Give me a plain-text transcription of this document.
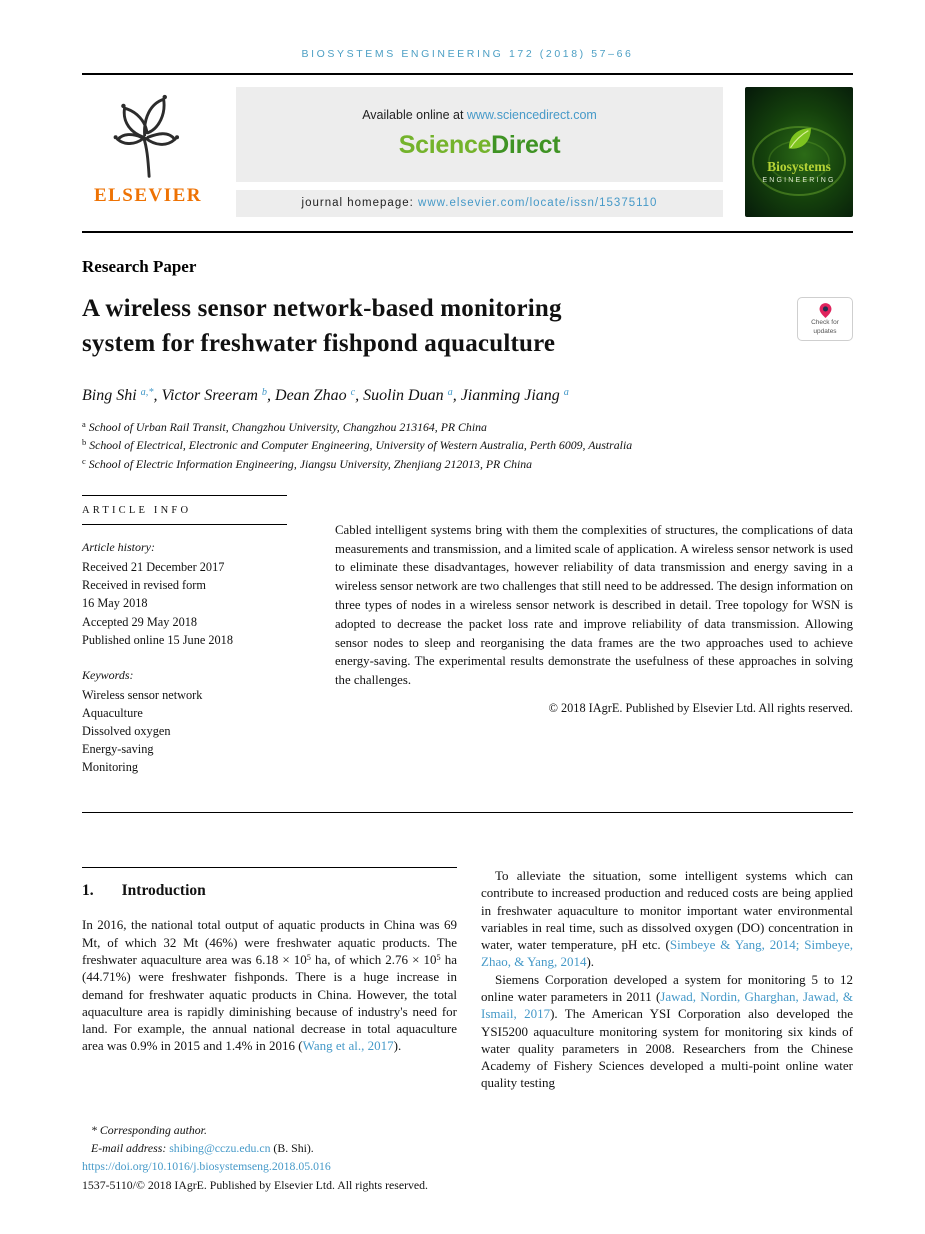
BIOSYSTEMS ENGINEERING 172 (2018) 57–66
ELSEVIER
Available online at www.sciencedirect.com
ScienceDirect
journal homepage: www.elsevier.com/locate/issn/15375110
Biosystems
ENGINEERING
Research Paper
A wireless sensor network-based monitoring
system for freshwater fishpond aquaculture
Check for
updates
Bing Shi $^{a,*}$, Victor Sreeram $^b$, Dean Zhao $^c$, Suolin Duan $^a$, Jianming Jiang $^a$
$^a$ School of Urban Rail Transit, Changzhou University, Changzhou 213164, PR China
$^b$ School of Electrical, Electronic and Computer Engineering, University of Western Australia, Perth 6009, Australia
$^c$ School of Electric Information Engineering, Jiangsu University, Zhenjiang 212013, PR China
ARTICLE INFO
Article history:
Received 21 December 2017
Received in revised form
16 May 2018
Accepted 29 May 2018
Published online 15 June 2018
Keywords:
Wireless sensor network
Aquaculture
Dissolved oxygen
Energy-saving
Monitoring

Cabled intelligent systems bring with them the complexities of structures, the complications of data measurements and transmission, and a limited scale of application. A wireless sensor network is used to eliminate these disadvantages, however reliability of data transmission and energy saving in a wireless sensor network are two challenges that still need to be addressed. The design information on three types of nodes in a wireless sensor network is described in detail. Tree topology for WSN is adopted to decrease the packet loss rate and improve reliability of data transmission. Allowing sensor nodes to sleep and reorganising the data frames are the two approaches used to achieve energy-saving. The experimental results demonstrate the usefulness of these approaches in solving the challenges.

© 2018 IAgrE. Published by Elsevier Ltd. All rights reserved.
1. Introduction

In 2016, the national total output of aquatic products in China was 69 Mt, of which 32 Mt (46%) were freshwater aquatic products. The freshwater aquaculture area was $6.18 \times 10^5$ ha, of which $2.76 \times 10^5$ ha (44.71%) were freshwater fishponds. There is a huge increase in demand for freshwater aquatic products in China. However, the total aquaculture area is rapidly diminishing because of industry's need for land. For example, the annual national decrease in total aquaculture area was 0.9% in 2015 and 1.4% in 2016 (Wang et al., 2017).

To alleviate the situation, some intelligent systems which can contribute to increased production and reduced costs are being applied in freshwater aquaculture to monitor important water environmental variables in real time, such as dissolved oxygen (DO) concentration in water, water temperature, pH etc. (Simbeye & Yang, 2014; Simbeye, Zhao, & Yang, 2014).

Siemens Corporation developed a system for monitoring 5 to 12 online water parameters in 2011 (Jawad, Nordin, Gharghan, Jawad, & Ismail, 2017). The American YSI Corporation also developed the YSI5200 aquaculture monitoring system for monitoring six kinds of water quality parameters in 2008. Researchers from the Chinese Academy of Fishery Sciences developed a multi-point online water quality testing

* Corresponding author.
E-mail address: shibing@cczu.edu.cn (B. Shi).
https://doi.org/10.1016/j.biosystemseng.2018.05.016
1537-5110/© 2018 IAgrE. Published by Elsevier Ltd. All rights reserved.
